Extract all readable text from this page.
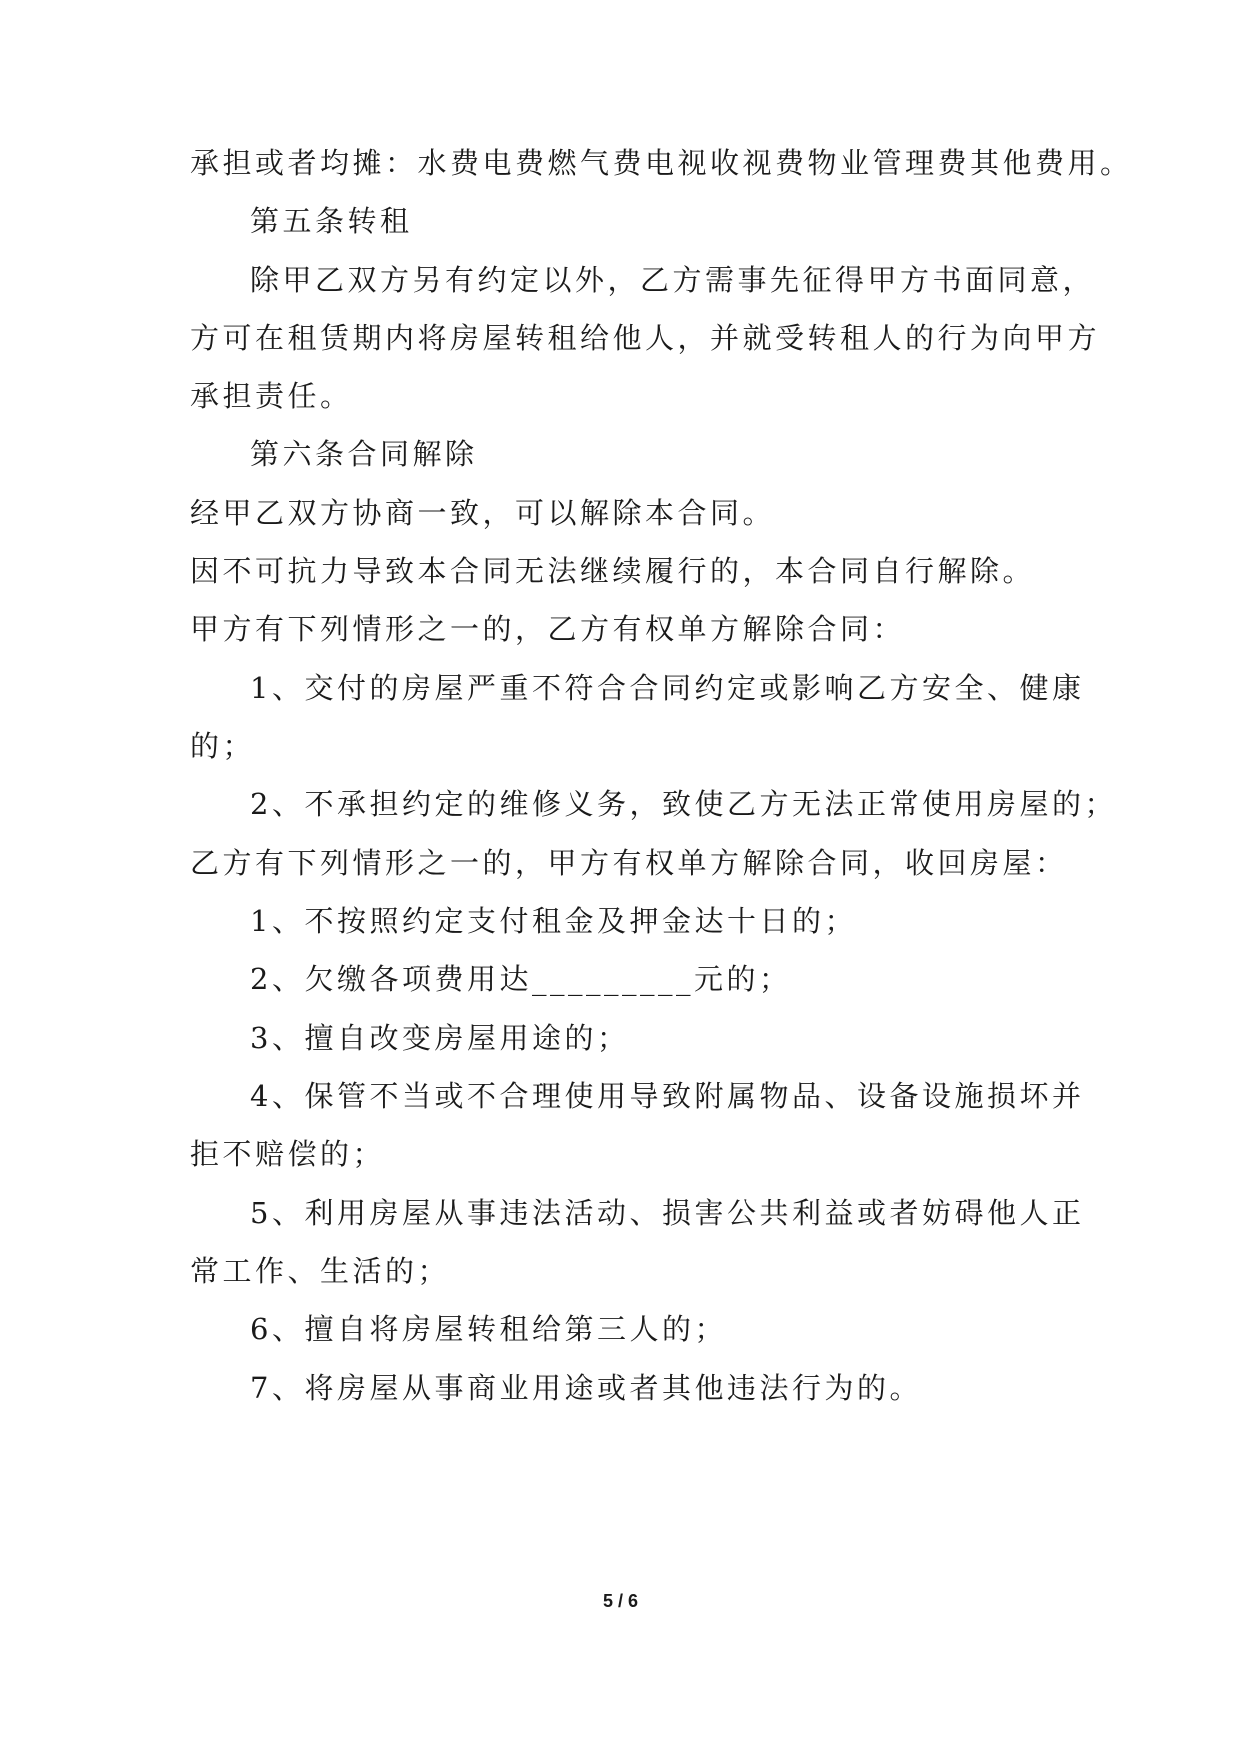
承担或者均摊：水费电费燃气费电视收视费物业管理费其他费用。
第五条转租
除甲乙双方另有约定以外，乙方需事先征得甲方书面同意，
方可在租赁期内将房屋转租给他人，并就受转租人的行为向甲方
承担责任。
第六条合同解除
经甲乙双方协商一致，可以解除本合同。
因不可抗力导致本合同无法继续履行的，本合同自行解除。
甲方有下列情形之一的，乙方有权单方解除合同：
1、交付的房屋严重不符合合同约定或影响乙方安全、健康
的；
2、不承担约定的维修义务，致使乙方无法正常使用房屋的；
乙方有下列情形之一的，甲方有权单方解除合同，收回房屋：
1、不按照约定支付租金及押金达十日的；
2、欠缴各项费用达_________元的；
3、擅自改变房屋用途的；
4、保管不当或不合理使用导致附属物品、设备设施损坏并
拒不赔偿的；
5、利用房屋从事违法活动、损害公共利益或者妨碍他人正
常工作、生活的；
6、擅自将房屋转租给第三人的；
7、将房屋从事商业用途或者其他违法行为的。
5 / 6
